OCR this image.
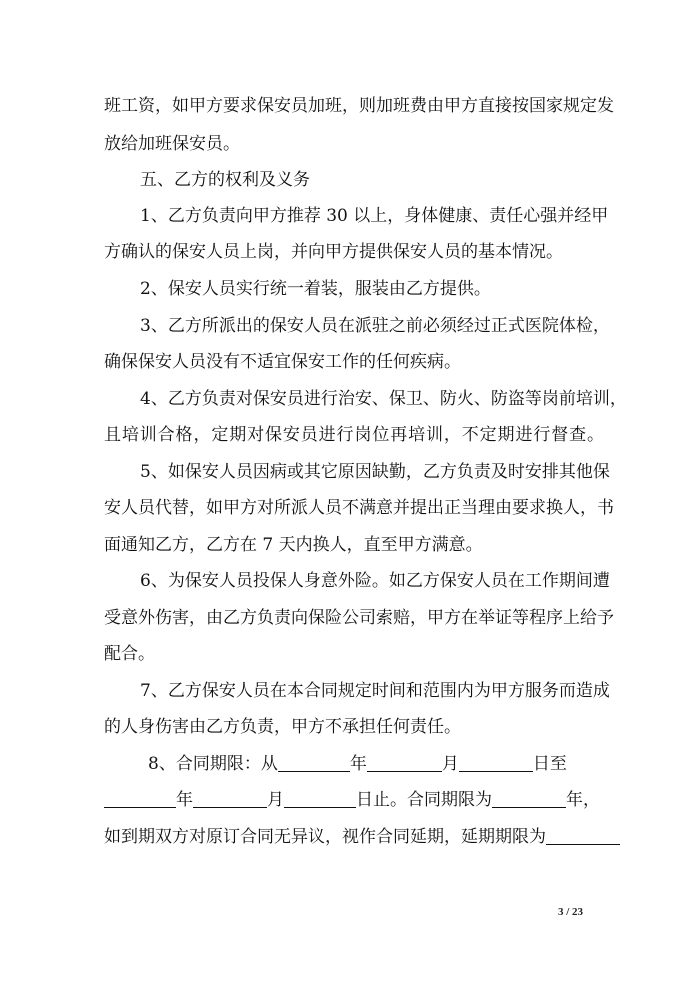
班工资，如甲方要求保安员加班，则加班费由甲方直接按国家规定发
放给加班保安员。
五、乙方的权利及义务
1、乙方负责向甲方推荐 30 以上，身体健康、责任心强并经甲
方确认的保安人员上岗，并向甲方提供保安人员的基本情况。
2、保安人员实行统一着装，服装由乙方提供。
3、乙方所派出的保安人员在派驻之前必须经过正式医院体检，
确保保安人员没有不适宜保安工作的任何疾病。
4、乙方负责对保安员进行治安、保卫、防火、防盗等岗前培训，
且培训合格，定期对保安员进行岗位再培训，不定期进行督查。
5、如保安人员因病或其它原因缺勤，乙方负责及时安排其他保
安人员代替，如甲方对所派人员不满意并提出正当理由要求换人，书
面通知乙方，乙方在 7 天内换人，直至甲方满意。
6、为保安人员投保人身意外险。如乙方保安人员在工作期间遭
受意外伤害，由乙方负责向保险公司索赔，甲方在举证等程序上给予
配合。
7、乙方保安人员在本合同规定时间和范围内为甲方服务而造成
的人身伤害由乙方负责，甲方不承担任何责任。
8、合同期限：从	年	月	日至
年	月	日止。合同期限为	年，
如到期双方对原订合同无异议，视作合同延期，延期期限为
3 / 23
